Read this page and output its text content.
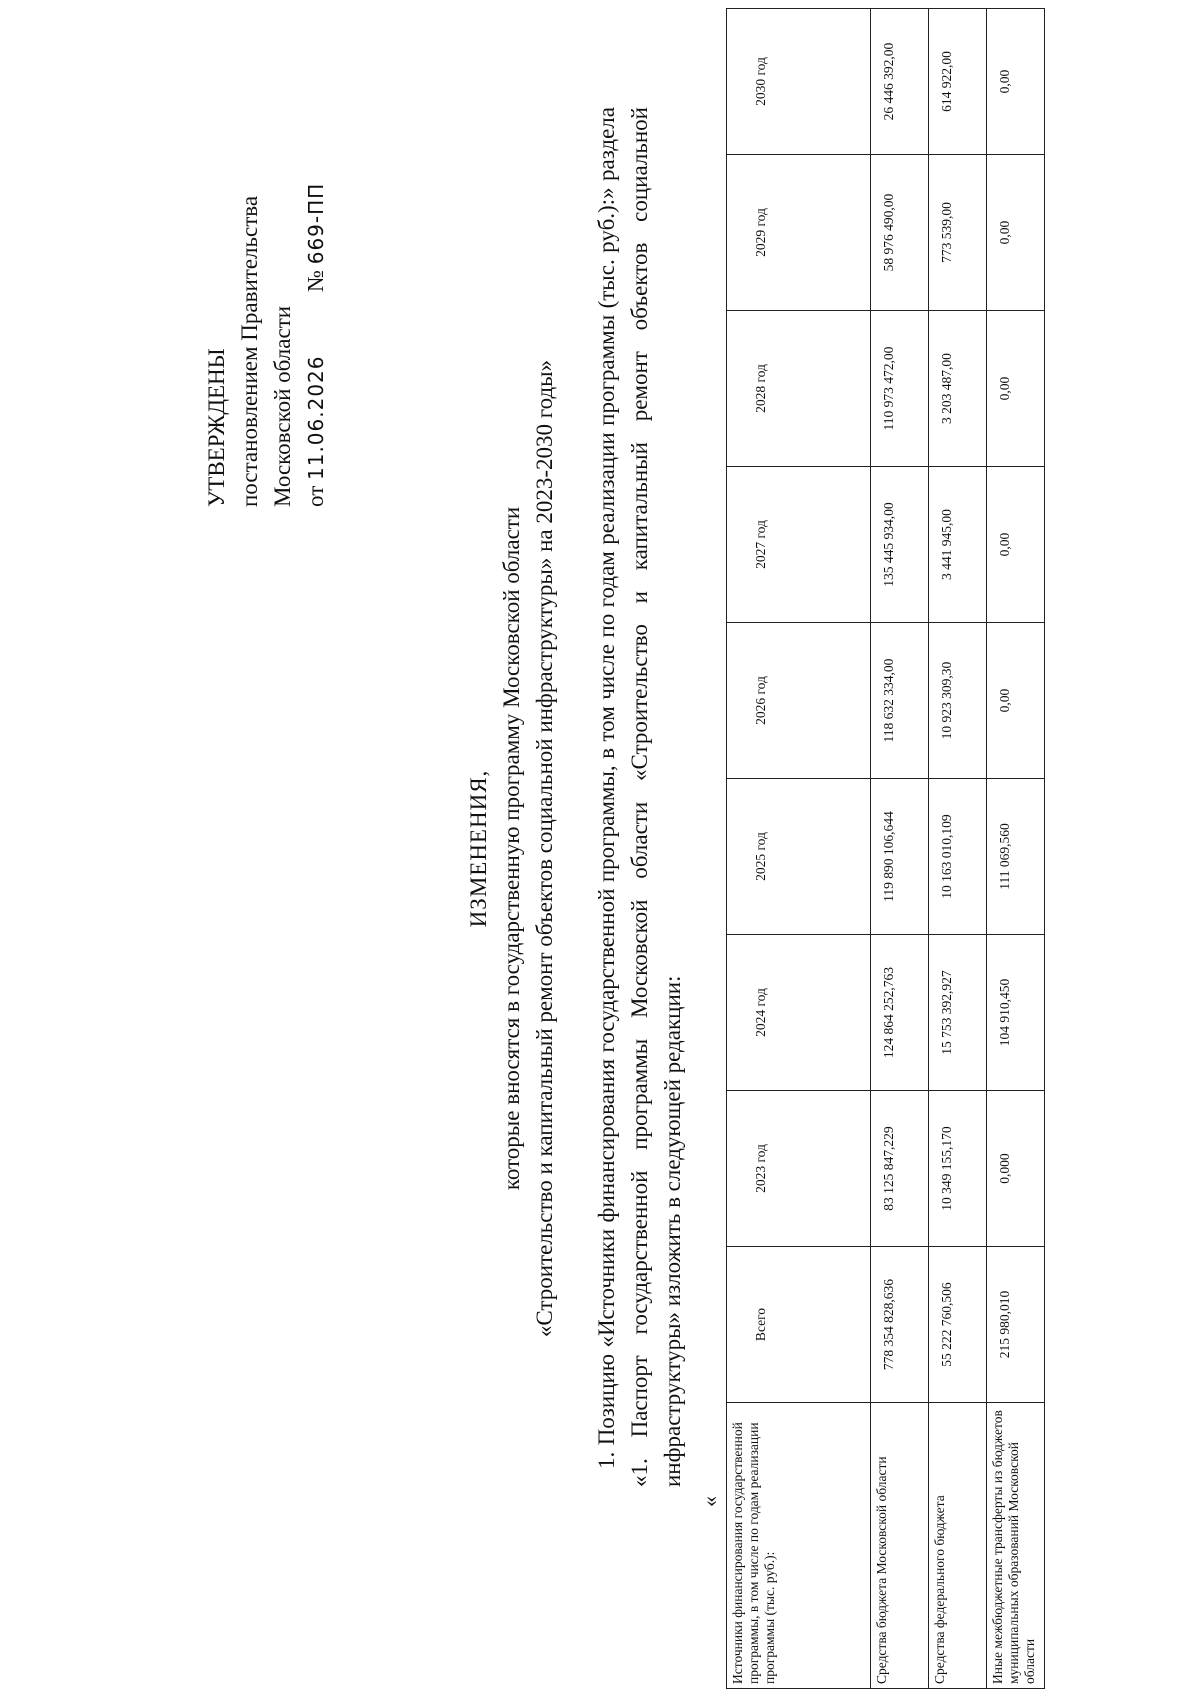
УТВЕРЖДЕНЫ постановлением Правительства Московской области от 11.06.2026  № 669-ПП
ИЗМЕНЕНИЯ, которые вносятся в государственную программу Московской области «Строительство и капитальный ремонт объектов социальной инфраструктуры» на 2023-2030 годы» 1. Позицию «Источники финансирования государственной программы, в том числе по годам реализации программы (тыс. руб.):» раздела «1. Паспорт государственной программы Московской области «Строительство и капитальный ремонт объектов социальной инфраструктуры» изложить в следующей редакции:
« Источники финансирования государственной программы, в том числе по годам реализации программы (тыс. руб.):	Всего	2023 год	2024 год	2025 год	2026 год	2027 год	2028 год	2029 год	2030 год
Средства бюджета Московской области	778 354 828,636	83 125 847,229	124 864 252,763	119 890 106,644	118 632 334,00	135 445 934,00	110 973 472,00	58 976 490,00	26 446 392,00
Средства федерального бюджета	55 222 760,506	10 349 155,170	15 753 392,927	10 163 010,109	10 923 309,30	3 441 945,00	3 203 487,00	773 539,00	614 922,00
Иные межбюджетные трансферты из бюджетов муниципальных образований Московской области	215 980,010	0,000	104 910,450	111 069,560	0,00	0,00	0,00	0,00	0,00
